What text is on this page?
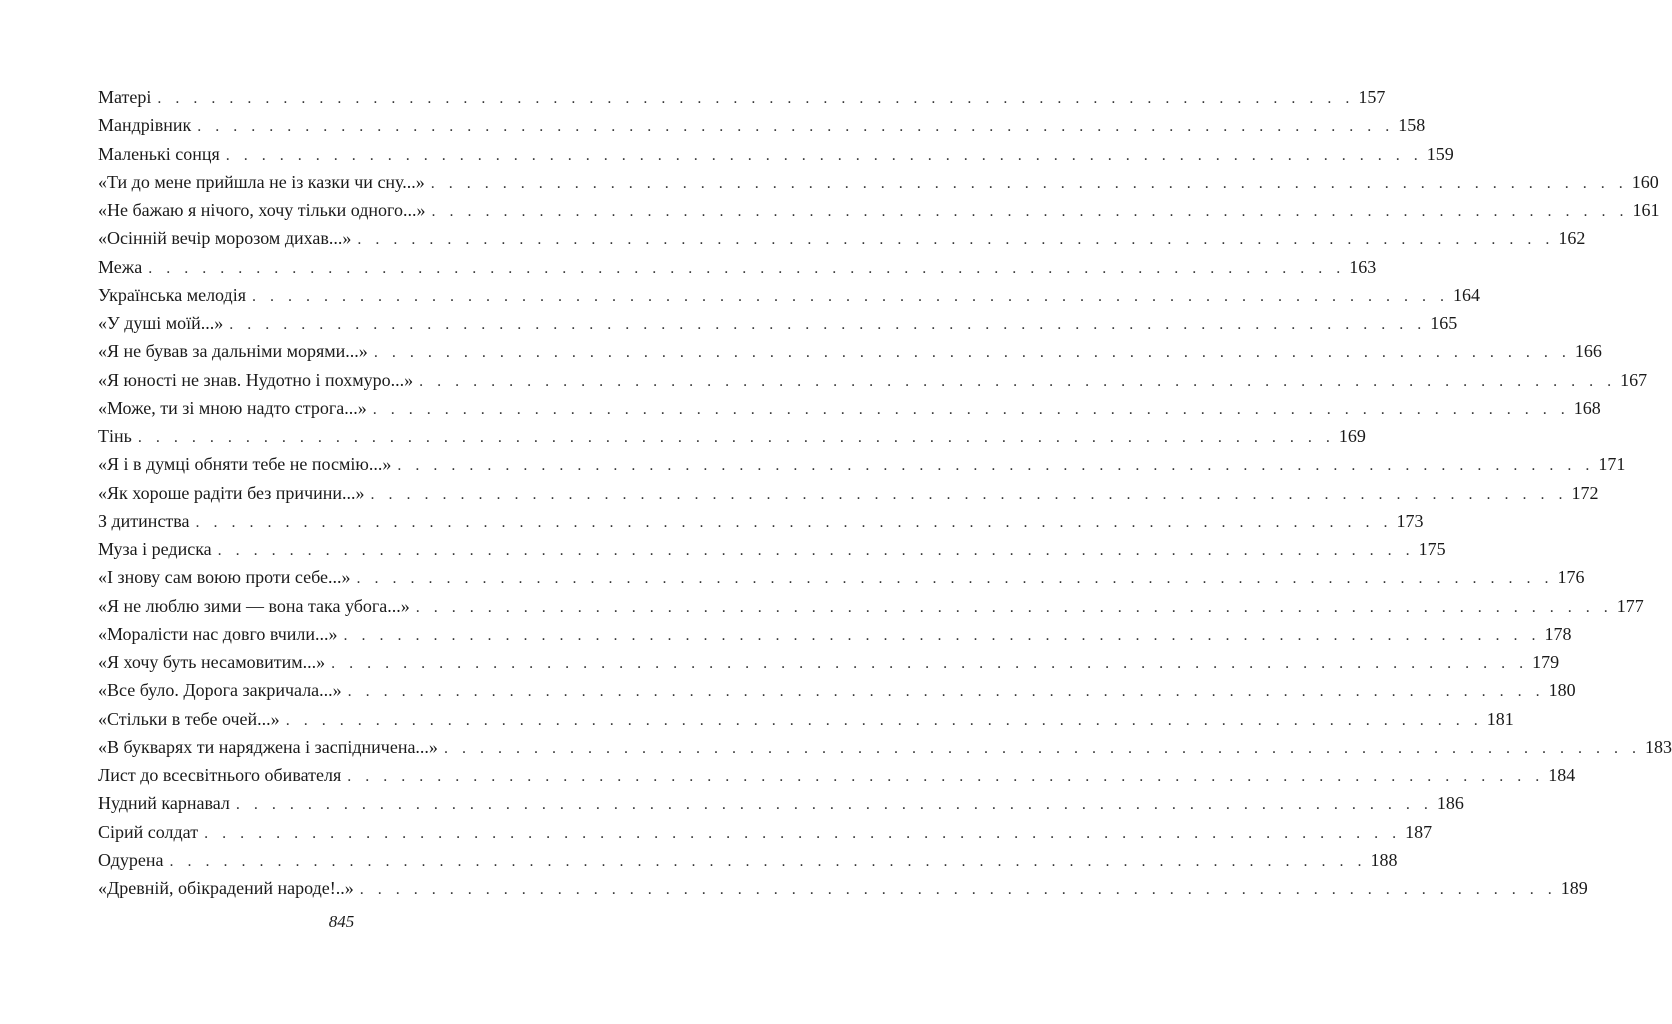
Матері . . . . . . . . . . . . . . . . . . . . . . . . . . . . . . . . . . . . . . . . . . . . . . . . . . . . . . . . . . . . . . . . . . . 157
Мандрівник . . . . . . . . . . . . . . . . . . . . . . . . . . . . . . . . . . . . . . . . . . . . . . . . . . . . . . . . . . . . . . . . . . . 158
Маленькі сонця . . . . . . . . . . . . . . . . . . . . . . . . . . . . . . . . . . . . . . . . . . . . . . . . . . . . . . . . . . . . . . . . . . . 159
«Ти до мене прийшла не із казки чи сну...» . . . . . . . . . . . . . . . . . . . . . . . . . . . . . . . . . . . . . . . . . . . . . . . . . . . . . . . . . . . . . . . . . . . 160
«Не бажаю я нічого, хочу тільки одного...» . . . . . . . . . . . . . . . . . . . . . . . . . . . . . . . . . . . . . . . . . . . . . . . . . . . . . . . . . . . . . . . . . . . 161
«Осінній вечір морозом дихав...» . . . . . . . . . . . . . . . . . . . . . . . . . . . . . . . . . . . . . . . . . . . . . . . . . . . . . . . . . . . . . . . . . . . 162
Межа . . . . . . . . . . . . . . . . . . . . . . . . . . . . . . . . . . . . . . . . . . . . . . . . . . . . . . . . . . . . . . . . . . . 163
Українська мелодія . . . . . . . . . . . . . . . . . . . . . . . . . . . . . . . . . . . . . . . . . . . . . . . . . . . . . . . . . . . . . . . . . . . 164
«У душі моїй...» . . . . . . . . . . . . . . . . . . . . . . . . . . . . . . . . . . . . . . . . . . . . . . . . . . . . . . . . . . . . . . . . . . . 165
«Я не бував за дальніми морями...» . . . . . . . . . . . . . . . . . . . . . . . . . . . . . . . . . . . . . . . . . . . . . . . . . . . . . . . . . . . . . . . . . . . 166
«Я юності не знав. Нудотно і похмуро...» . . . . . . . . . . . . . . . . . . . . . . . . . . . . . . . . . . . . . . . . . . . . . . . . . . . . . . . . . . . . . . . . . . . 167
«Може, ти зі мною надто строга...» . . . . . . . . . . . . . . . . . . . . . . . . . . . . . . . . . . . . . . . . . . . . . . . . . . . . . . . . . . . . . . . . . . . 168
Тінь . . . . . . . . . . . . . . . . . . . . . . . . . . . . . . . . . . . . . . . . . . . . . . . . . . . . . . . . . . . . . . . . . . . 169
«Я і в думці обняти тебе не посмію...» . . . . . . . . . . . . . . . . . . . . . . . . . . . . . . . . . . . . . . . . . . . . . . . . . . . . . . . . . . . . . . . . . . . 171
«Як хороше радіти без причини...» . . . . . . . . . . . . . . . . . . . . . . . . . . . . . . . . . . . . . . . . . . . . . . . . . . . . . . . . . . . . . . . . . . . 172
З дитинства . . . . . . . . . . . . . . . . . . . . . . . . . . . . . . . . . . . . . . . . . . . . . . . . . . . . . . . . . . . . . . . . . . . 173
Муза і редиска . . . . . . . . . . . . . . . . . . . . . . . . . . . . . . . . . . . . . . . . . . . . . . . . . . . . . . . . . . . . . . . . . . . 175
«І знову сам воюю проти себе...» . . . . . . . . . . . . . . . . . . . . . . . . . . . . . . . . . . . . . . . . . . . . . . . . . . . . . . . . . . . . . . . . . . . 176
«Я не люблю зими — вона така убога...» . . . . . . . . . . . . . . . . . . . . . . . . . . . . . . . . . . . . . . . . . . . . . . . . . . . . . . . . . . . . . . . . . . . 177
«Моралісти нас довго вчили...» . . . . . . . . . . . . . . . . . . . . . . . . . . . . . . . . . . . . . . . . . . . . . . . . . . . . . . . . . . . . . . . . . . . 178
«Я хочу буть несамовитим...» . . . . . . . . . . . . . . . . . . . . . . . . . . . . . . . . . . . . . . . . . . . . . . . . . . . . . . . . . . . . . . . . . . . 179
«Все було. Дорога закричала...» . . . . . . . . . . . . . . . . . . . . . . . . . . . . . . . . . . . . . . . . . . . . . . . . . . . . . . . . . . . . . . . . . . . 180
«Стільки в тебе очей...» . . . . . . . . . . . . . . . . . . . . . . . . . . . . . . . . . . . . . . . . . . . . . . . . . . . . . . . . . . . . . . . . . . . 181
«В букварях ти наряджена і заспідничена...» . . . . . . . . . . . . . . . . . . . . . . . . . . . . . . . . . . . . . . . . . . . . . . . . . . . . . . . . . . . . . . . . . . . 183
Лист до всесвітнього обивателя . . . . . . . . . . . . . . . . . . . . . . . . . . . . . . . . . . . . . . . . . . . . . . . . . . . . . . . . . . . . . . . . . . . 184
Нудний карнавал . . . . . . . . . . . . . . . . . . . . . . . . . . . . . . . . . . . . . . . . . . . . . . . . . . . . . . . . . . . . . . . . . . . 186
Сірий солдат . . . . . . . . . . . . . . . . . . . . . . . . . . . . . . . . . . . . . . . . . . . . . . . . . . . . . . . . . . . . . . . . . . . 187
Одурена . . . . . . . . . . . . . . . . . . . . . . . . . . . . . . . . . . . . . . . . . . . . . . . . . . . . . . . . . . . . . . . . . . . 188
«Древній, обікрадений народе!..» . . . . . . . . . . . . . . . . . . . . . . . . . . . . . . . . . . . . . . . . . . . . . . . . . . . . . . . . . . . . . . . . . . . 189
845
